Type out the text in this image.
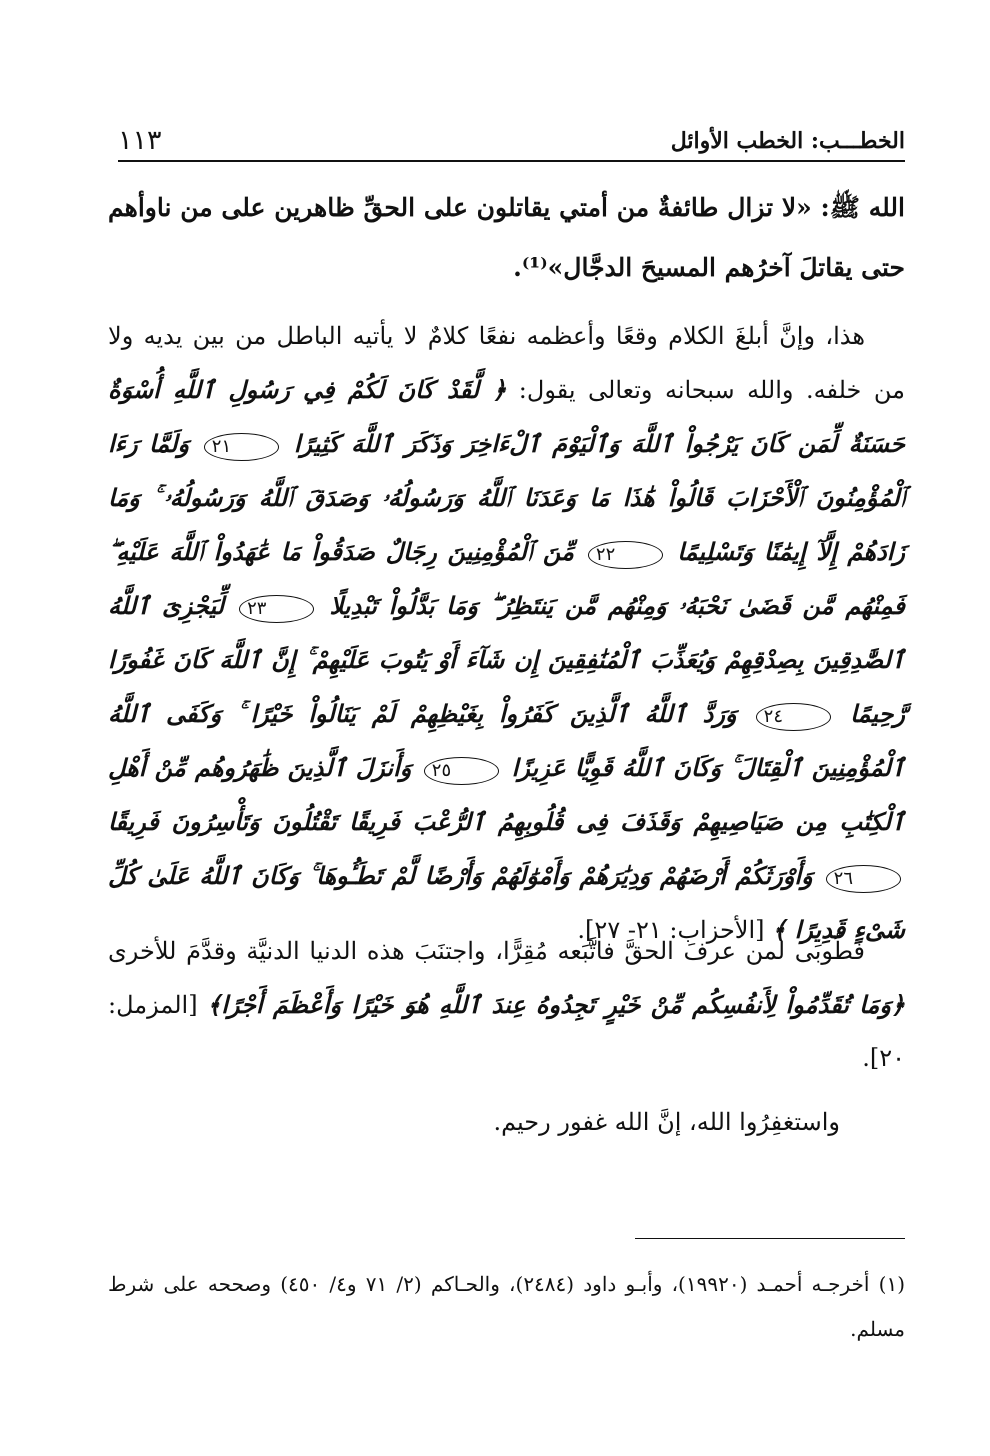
١١٣	الخطـــب: الخطب الأوائل
الله ﷺ: «لا تزال طائفةٌ من أمتي يقاتلون على الحقِّ ظاهرين على من ناوأهم حتى يقاتلَ آخرُهم المسيحَ الدجَّال»⁽¹⁾.

هذا، وإنَّ أبلغَ الكلام وقعًا وأعظمه نفعًا كلامٌ لا يأتيه الباطل من بين يديه ولا من خلفه. والله سبحانه وتعالى يقول: ﴿ لَّقَدْ كَانَ لَكُمْ فِي رَسُولِ ٱللَّهِ أُسْوَةٌ حَسَنَةٌ لِّمَن كَانَ يَرْجُواْ ٱللَّهَ وَٱلْيَوْمَ ٱلْءَاخِرَ وَذَكَرَ ٱللَّهَ كَثِيرًا ٢١ وَلَمَّا رَءَا ٱلْمُؤْمِنُونَ ٱلْأَحْزَابَ قَالُواْ هَٰذَا مَا وَعَدَنَا ٱللَّهُ وَرَسُولُهُۥ وَصَدَقَ ٱللَّهُ وَرَسُولُهُۥ ۚ وَمَا زَادَهُمْ إِلَّآ إِيمَٰنًا وَتَسْلِيمًا ٢٢ مِّنَ ٱلْمُؤْمِنِينَ رِجَالٌ صَدَقُواْ مَا عَٰهَدُواْ ٱللَّهَ عَلَيْهِ ۖ فَمِنْهُم مَّن قَضَىٰ نَحْبَهُۥ وَمِنْهُم مَّن يَنتَظِرُ ۖ وَمَا بَدَّلُواْ تَبْدِيلًا ٢٣ لِّيَجْزِىَ ٱللَّهُ ٱلصَّٰدِقِينَ بِصِدْقِهِمْ وَيُعَذِّبَ ٱلْمُنَٰفِقِينَ إِن شَآءَ أَوْ يَتُوبَ عَلَيْهِمْ ۚ إِنَّ ٱللَّهَ كَانَ غَفُورًا رَّحِيمًا ٢٤ وَرَدَّ ٱللَّهُ ٱلَّذِينَ كَفَرُواْ بِغَيْظِهِمْ لَمْ يَنَالُواْ خَيْرًا ۚ وَكَفَى ٱللَّهُ ٱلْمُؤْمِنِينَ ٱلْقِتَالَ ۚ وَكَانَ ٱللَّهُ قَوِيًّا عَزِيزًا ٢٥ وَأَنزَلَ ٱلَّذِينَ ظَٰهَرُوهُم مِّنْ أَهْلِ ٱلْكِتَٰبِ مِن صَيَاصِيهِمْ وَقَذَفَ فِى قُلُوبِهِمُ ٱلرُّعْبَ فَرِيقًا تَقْتُلُونَ وَتَأْسِرُونَ فَرِيقًا ٢٦ وَأَوْرَثَكُمْ أَرْضَهُمْ وَدِيَٰرَهُمْ وَأَمْوَٰلَهُمْ وَأَرْضًا لَّمْ تَطَـُٔوهَا ۚ وَكَانَ ٱللَّهُ عَلَىٰ كُلِّ شَىْءٍ قَدِيرًا ﴾ [الأحزاب: ٢١- ٢٧].

فطُوبَى لمن عرفَ الحقَّ فاتَّبَعه مُقِرًّا، واجتنَبَ هذه الدنيا الدنيَّة وقدَّمَ للأخرى ﴿وَمَا تُقَدِّمُواْ لِأَنفُسِكُم مِّنْ خَيْرٍ تَجِدُوهُ عِندَ ٱللَّهِ هُوَ خَيْرًا وَأَعْظَمَ أَجْرًا﴾ [المزمل: ٢٠].

واستغفِرُوا الله، إنَّ الله غفور رحيم.
(١) أخرجـه أحمـد (١٩٩٢٠)، وأبـو داود (٢٤٨٤)، والحـاكم (٢/ ٧١ و٤/ ٤٥٠) وصححه على شرط مسلم.
